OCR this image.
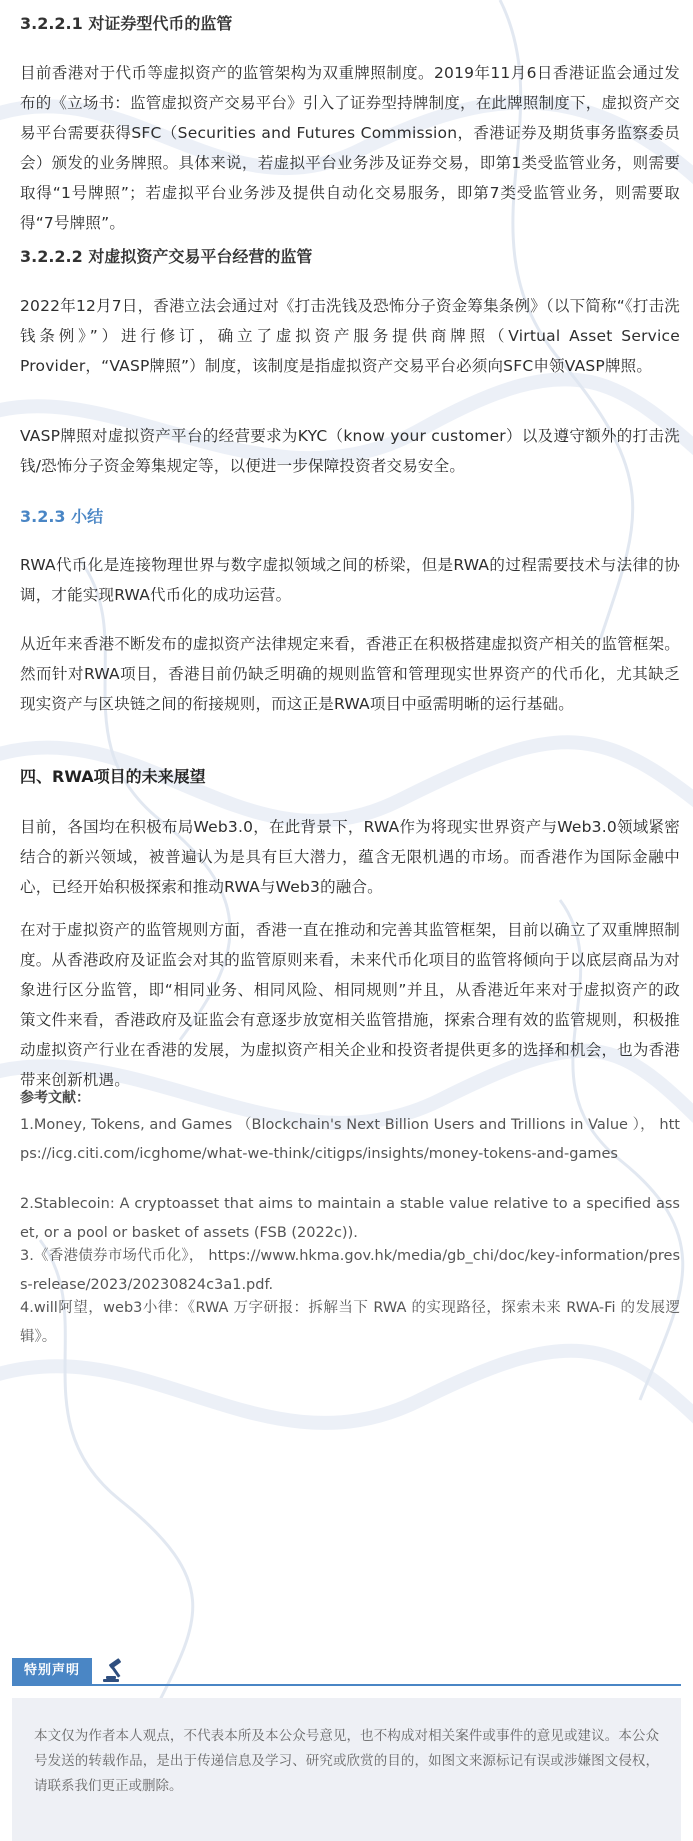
3.2.2.1 对证券型代币的监管
目前香港对于代币等虚拟资产的监管架构为双重牌照制度。2019年11月6日香港证监会通过发布的《立场书：监管虚拟资产交易平台》引入了证券型持牌制度，在此牌照制度下，虚拟资产交易平台需要获得SFC（Securities and Futures Commission，香港证券及期货事务监察委员会）颁发的业务牌照。具体来说，若虚拟平台业务涉及证券交易，即第1类受监管业务，则需要取得“1号牌照”；若虚拟平台业务涉及提供自动化交易服务，即第7类受监管业务，则需要取得“7号牌照”。
3.2.2.2 对虚拟资产交易平台经营的监管
2022年12月7日，香港立法会通过对《打击洗钱及恐怖分子资金筹集条例》（以下简称“《打击洗钱条例》”）进行修订，确立了虚拟资产服务提供商牌照（Virtual Asset Service Provider，“VASP牌照”）制度，该制度是指虚拟资产交易平台必须向SFC申领VASP牌照。
VASP牌照对虚拟资产平台的经营要求为KYC（know your customer）以及遵守额外的打击洗钱/恐怖分子资金筹集规定等，以便进一步保障投资者交易安全。
3.2.3 小结
RWA代币化是连接物理世界与数字虚拟领域之间的桥梁，但是RWA的过程需要技术与法律的协调，才能实现RWA代币化的成功运营。
从近年来香港不断发布的虚拟资产法律规定来看，香港正在积极搭建虚拟资产相关的监管框架。然而针对RWA项目，香港目前仍缺乏明确的规则监管和管理现实世界资产的代币化，尤其缺乏现实资产与区块链之间的衔接规则，而这正是RWA项目中亟需明晰的运行基础。
四、RWA项目的未来展望
目前，各国均在积极布局Web3.0，在此背景下，RWA作为将现实世界资产与Web3.0领域紧密结合的新兴领域，被普遍认为是具有巨大潜力，蕴含无限机遇的市场。而香港作为国际金融中心，已经开始积极探索和推动RWA与Web3的融合。
在对于虚拟资产的监管规则方面，香港一直在推动和完善其监管框架，目前以确立了双重牌照制度。从香港政府及证监会对其的监管原则来看，未来代币化项目的监管将倾向于以底层商品为对象进行区分监管，即“相同业务、相同风险、相同规则”并且，从香港近年来对于虚拟资产的政策文件来看，香港政府及证监会有意逐步放宽相关监管措施，探索合理有效的监管规则，积极推动虚拟资产行业在香港的发展，为虚拟资产相关企业和投资者提供更多的选择和机会，也为香港带来创新机遇。
参考文献：
1.Money, Tokens, and Games （Blockchain's Next Billion Users and Trillions in Value ）， https://icg.citi.com/icghome/what-we-think/citigps/insights/money-tokens-and-games
2.Stablecoin: A cryptoasset that aims to maintain a stable value relative to a specified asset, or a pool or basket of assets (FSB (2022c)).
3.《香港债券市场代币化》， https://www.hkma.gov.hk/media/gb_chi/doc/key-information/press-release/2023/20230824c3a1.pdf.
4.will阿望，web3小律：《RWA 万字研报：拆解当下 RWA 的实现路径，探索未来 RWA-Fi 的发展逻辑》。
特别声明
本文仅为作者本人观点，不代表本所及本公众号意见，也不构成对相关案件或事件的意见或建议。本公众号发送的转载作品，是出于传递信息及学习、研究或欣赏的目的，如图文来源标记有误或涉嫌图文侵权，请联系我们更正或删除。
